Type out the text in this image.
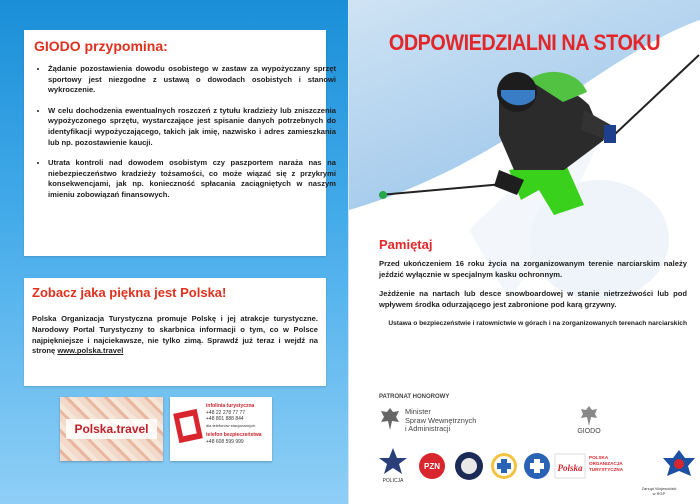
GIODO przypomina:
• Żądanie pozostawienia dowodu osobistego w zastaw za wypożyczany sprzęt sportowy jest niezgodne z ustawą o dowodach osobistych i stanowi wykroczenie.
• W celu dochodzenia ewentualnych roszczeń z tytułu kradzieży lub zniszczenia wypożyczonego sprzętu, wystarczające jest spisanie danych potrzebnych do identyfikacji wypożyczającego, takich jak imię, nazwisko i adres zamieszkania lub np. pozostawienie kaucji.
• Utrata kontroli nad dowodem osobistym czy paszportem naraża nas na niebezpieczeństwo kradzieży tożsamości, co może wiązać się z przykrymi konsekwencjami, jak np. konieczność spłacania zaciągniętych w naszym imieniu zobowiązań finansowych.
Zobacz jaka piękna jest Polska!

Polska Organizacja Turystyczna promuje Polskę i jej atrakcje turystyczne. Narodowy Portal Turystyczny to skarbnica informacji o tym, co w Polsce najpiękniejsze i najciekawsze, nie tylko zimą. Sprawdź już teraz i wejdź na stronę www.polska.travel

Polska.travel
infolinia turystyczna
+48 22 278 77 77
+48 801 888 844
dla telefonów stacjonarnych
telefon bezpieczeństwa
+48 608 599 999
ODPOWIEDZIALNI NA STOKU
Pamiętaj

Przed ukończeniem 16 roku życia na zorganizowanym terenie narciarskim należy jeździć wyłącznie w specjalnym kasku ochronnym.

Jeżdżenie na nartach lub desce snowboardowej w stanie nietrzeźwości lub pod wpływem środka odurzającego jest zabronione pod karą grzywny.

Ustawa o bezpieczeństwie i ratownictwie w górach i na zorganizowanych terenach narciarskich

PATRONAT HONOROWY
Minister
Spraw Wewnętrznych
i Administracji	GIODO
POLICJA
PZN	Polska
POLSKA
ORGANIZACJA
TURYSTYCZNA
Zarząd Wojewódzki
w RGP
